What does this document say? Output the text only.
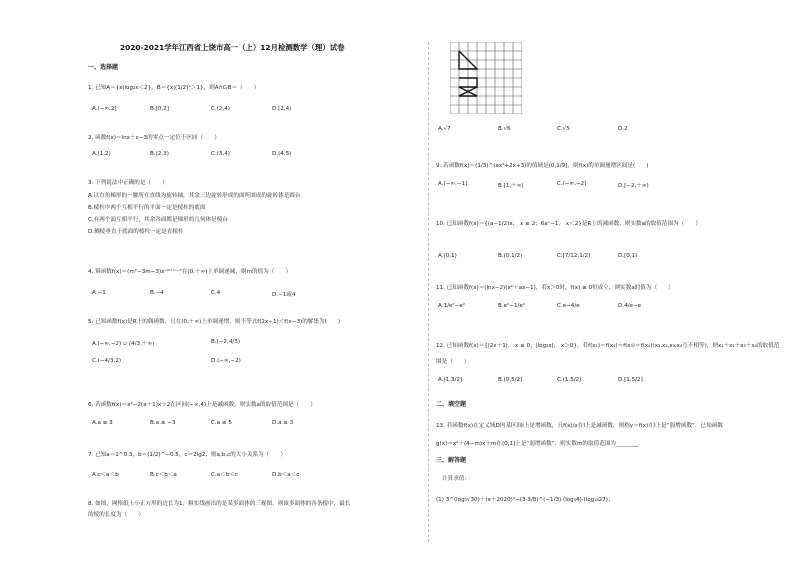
2020-2021学年江西省上饶市高一（上）12月检测数学（理）试卷
一、选择题
1. 已知A＝{x|log₂x＜2}，B＝{x|(1/2)ˣ＞1}，则A∩∁ᵣB＝（　　）
A.(−∞,2]	B.[0,2]	C.(2,4)	D.[2,4)
2. 函数f(x)＝lnx＋x−3的零点一定位于区间（　　）
A.(1,2)	B.(2,3)	C.(3,4)	D.(4,5)
3. 下列说法中正确的是（　　）
A.以直角梯形的一腰所在直线为旋转轴，其余三边旋转形成的面所围成的旋转体是圆台
B.棱柱中两个互相平行的平面一定是棱柱的底面
C.有两个面互相平行，其余各面都是梯形的几何体是棱台
D.侧棱垂直于底面的棱柱一定是直棱柱
4. 幂函数f(x)＝(m²−3m−3)xᵐ²⁺ᵐ⁻²在(0,＋∞)上单调递减，则m的值为（　　）
A.−1	B.−4	C.4	D.−1或4
5. 已知函数f(x)是R上的偶函数，且在(0,＋∞)上单调递增，则不等式f(2x−1)＜f(x−3)的解集为(　　)
A.(−∞,−2) ∪ (4/3,＋∞)	B.(−2,4/3)
C.(−4/3,2)	D.(−∞,−2)
6. 若函数f(x)＝x²−2(a＋1)x＋2在区间(−∞,4)上是减函数，则实数a的取值范围是（　　）
A.a ≤ 3	B.a ≥ −3	C.a ≤ 5	D.a ≥ 3
7. 已知a＝2^0.3，b＝(1/2)^−0.5，c＝2lg2，则a,b,c的大小关系为（　　）
A.c＜a＜b	B.c＜b＜a	C.a＜b＜c	D.b＜a＜c
8. 如图，网格纸上小正方形的边长为1，粗实线画出的是某多面体的三视图，则该多面体的各条棱中，最长
的棱的长度为（　　）
A.√7	B.√6	C.√5	D.2
9. 若函数f(x)＝(1/3)^(ax²+2x+3)的值域是(0,1/9]，则f(x)的单调递增区间是(　　)
A.(−∞,−1]	B.[1,＋∞)	C.(−∞,−2]	D.[−2,＋∞)
10. 已知函数f(x)＝{(a−1/2)x,　x ≥ 2；6aˣ−1,　x＜2}是R上的减函数，则实数a的取值范围为（　　）
A.(0,1)	B.(0,1/2)	C.[7/12,1/2)	D.[0,1)
11. 已知函数f(x)＝(lnx−2)(x²＋ax−1)，若x＞0时，f(x) ≥ 0恒成立，则实数a的值为（　　）
A.1/e²−e²	B.e²−1/e²	C.e−4/e	D.4/e−e
12. 已知函数f(x)＝{|2x＋1|,　x ≤ 0；|log₂x|,　x＞0}，若f(x₁)＝f(x₂)＝f(x₃)＝f(x₄)(x₁,x₂,x₃,x₄互不相等)，则x₁＋x₂＋x₃＋x₄的取值范
围是（　　）
A.(1,3/2]	B.(0,5/2]	C.(1,5/2)	D.[1,5/2]
二、填空题
13. 若函数f(x)在定义域D内某区间I上是增函数，且f(x)/x在I上是减函数，则称y＝f(x)在I上是“弱增函数”．已知函数
g(x)＝x²＋(4−m)x＋m在(0,1]上是“弱增函数”，则实数m的取值范围为________.
三、解答题
计算求值：
(1) 3^(log₃√30)＋(x＋2020)⁰−(3·3/8)^(−1/3)·(log₃4)·(log₁₆27)；
